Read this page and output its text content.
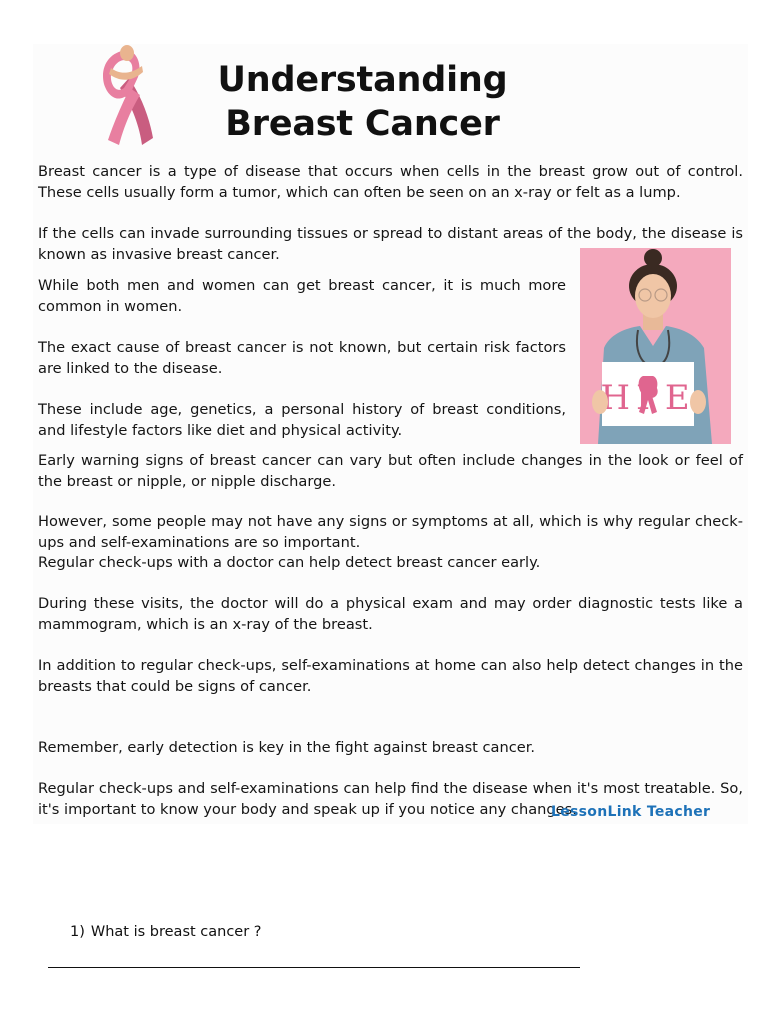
Understanding
Breast Cancer

Breast cancer is a type of disease that occurs when cells in the breast grow out of control. These cells usually form a tumor, which can often be seen on an x-ray or felt as a lump.

If the cells can invade surrounding tissues or spread to distant areas of the body, the disease is known as invasive breast cancer.

While both men and women can get breast cancer, it is much more common in women.

The exact cause of breast cancer is not known, but certain risk factors are linked to the disease.

These include age, genetics, a personal history of breast conditions, and lifestyle factors like diet and physical activity.

Early warning signs of breast cancer can vary but often include changes in the look or feel of the breast or nipple, or nipple discharge.

However, some people may not have any signs or symptoms at all, which is why regular check-ups and self-examinations are so important.

Regular check-ups with a doctor can help detect breast cancer early.

During these visits, the doctor will do a physical exam and may order diagnostic tests like a mammogram, which is an x-ray of the breast.

In addition to regular check-ups, self-examinations at home can also help detect changes in the breasts that could be signs of cancer.

Remember, early detection is key in the fight against breast cancer.

Regular check-ups and self-examinations can help find the disease when it's most treatable. So, it's important to know your body and speak up if you notice any changes.

LessonLink Teacher

1) What is breast cancer ?
